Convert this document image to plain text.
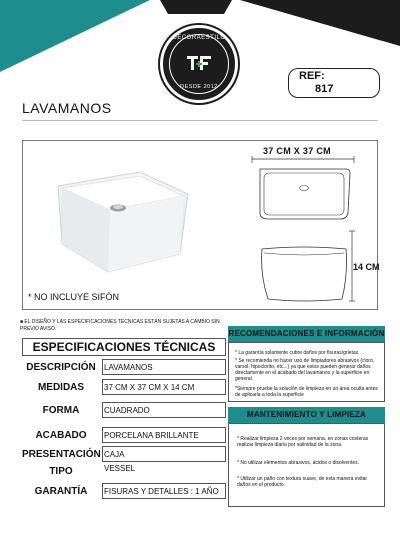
DECORAESTILO
DESDE 2012
REF:
817
LAVAMANOS
37 CM X 37 CM
14 CM
* NO INCLUYE SIFÓN
■ EL DISEÑO Y LAS ESPECIFICACIONES TÉCNICAS ESTÁN SUJETAS A CAMBIO SIN PREVIO AVISO.
ESPECIFICACIONES TÉCNICAS
DESCRIPCIÓN	LAVAMANOS
MEDIDAS	37 CM X 37 CM X 14 CM
FORMA	CUADRADO
ACABADO	PORCELANA BRILLANTE
PRESENTACIÓN CAJA
TIPO	VESSEL
GARANTÍA	FISURAS Y DETALLES : 1 AÑO
RECOMENDACIONES E INFORMACIÓN
* La garantía solamente cubre daños por fisuras/grietas.
* Se recomienda no hacer uso de limpiadores abrasivos (cloro, varsol, hipoclorito, etc...) ya que estos pueden generar daños directamente en el acabado del lavamanos y la superficie en general.
*Siempre pruebe la solución de limpieza en un área oculta antes de aplicarla a toda la superficie
MANTENIMIENTO Y LIMPIEZA
* Realizar limpieza 2 veces por semana, en zonas costeras realizar limpieza diaria por salinidad de la zona.
* No utilizar elementos abrasivos, ácidos o disolventes.
* Utilizar un paño con textura suave, de esta manera evitar daños en el producto.
